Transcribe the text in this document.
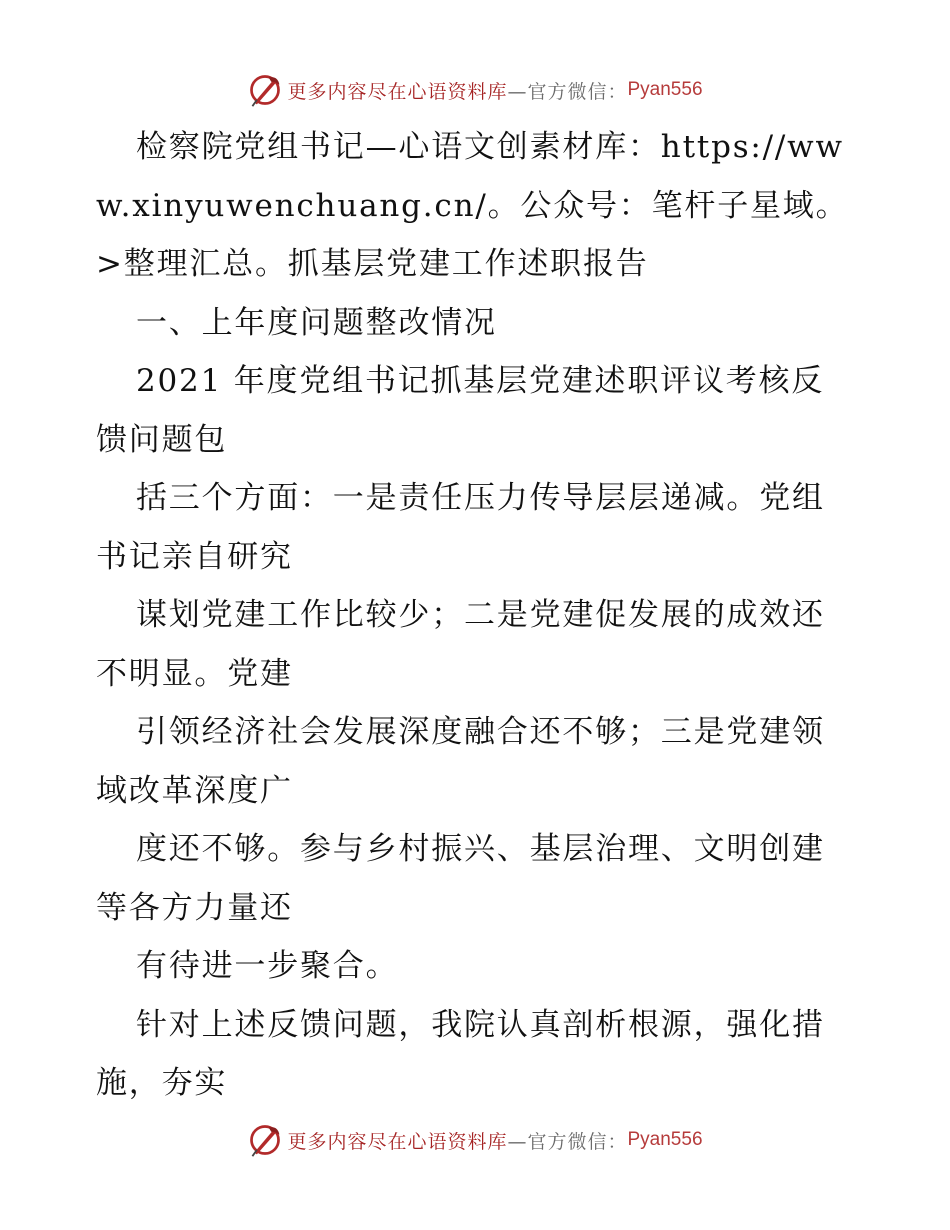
更多内容尽在心语资料库 —官方微信： Pyan556

检察院党组书记—心语文创素材库：https://www.xinyuwenchuang.cn/。公众号：笔杆子星域。>整理汇总。抓基层党建工作述职报告

一、上年度问题整改情况

2021 年度党组书记抓基层党建述职评议考核反馈问题包

括三个方面：一是责任压力传导层层递减。党组书记亲自研究

谋划党建工作比较少；二是党建促发展的成效还不明显。党建

引领经济社会发展深度融合还不够；三是党建领域改革深度广

度还不够。参与乡村振兴、基层治理、文明创建等各方力量还

有待进一步聚合。

针对上述反馈问题，我院认真剖析根源，强化措施，夯实

更多内容尽在心语资料库 —官方微信： Pyan556
